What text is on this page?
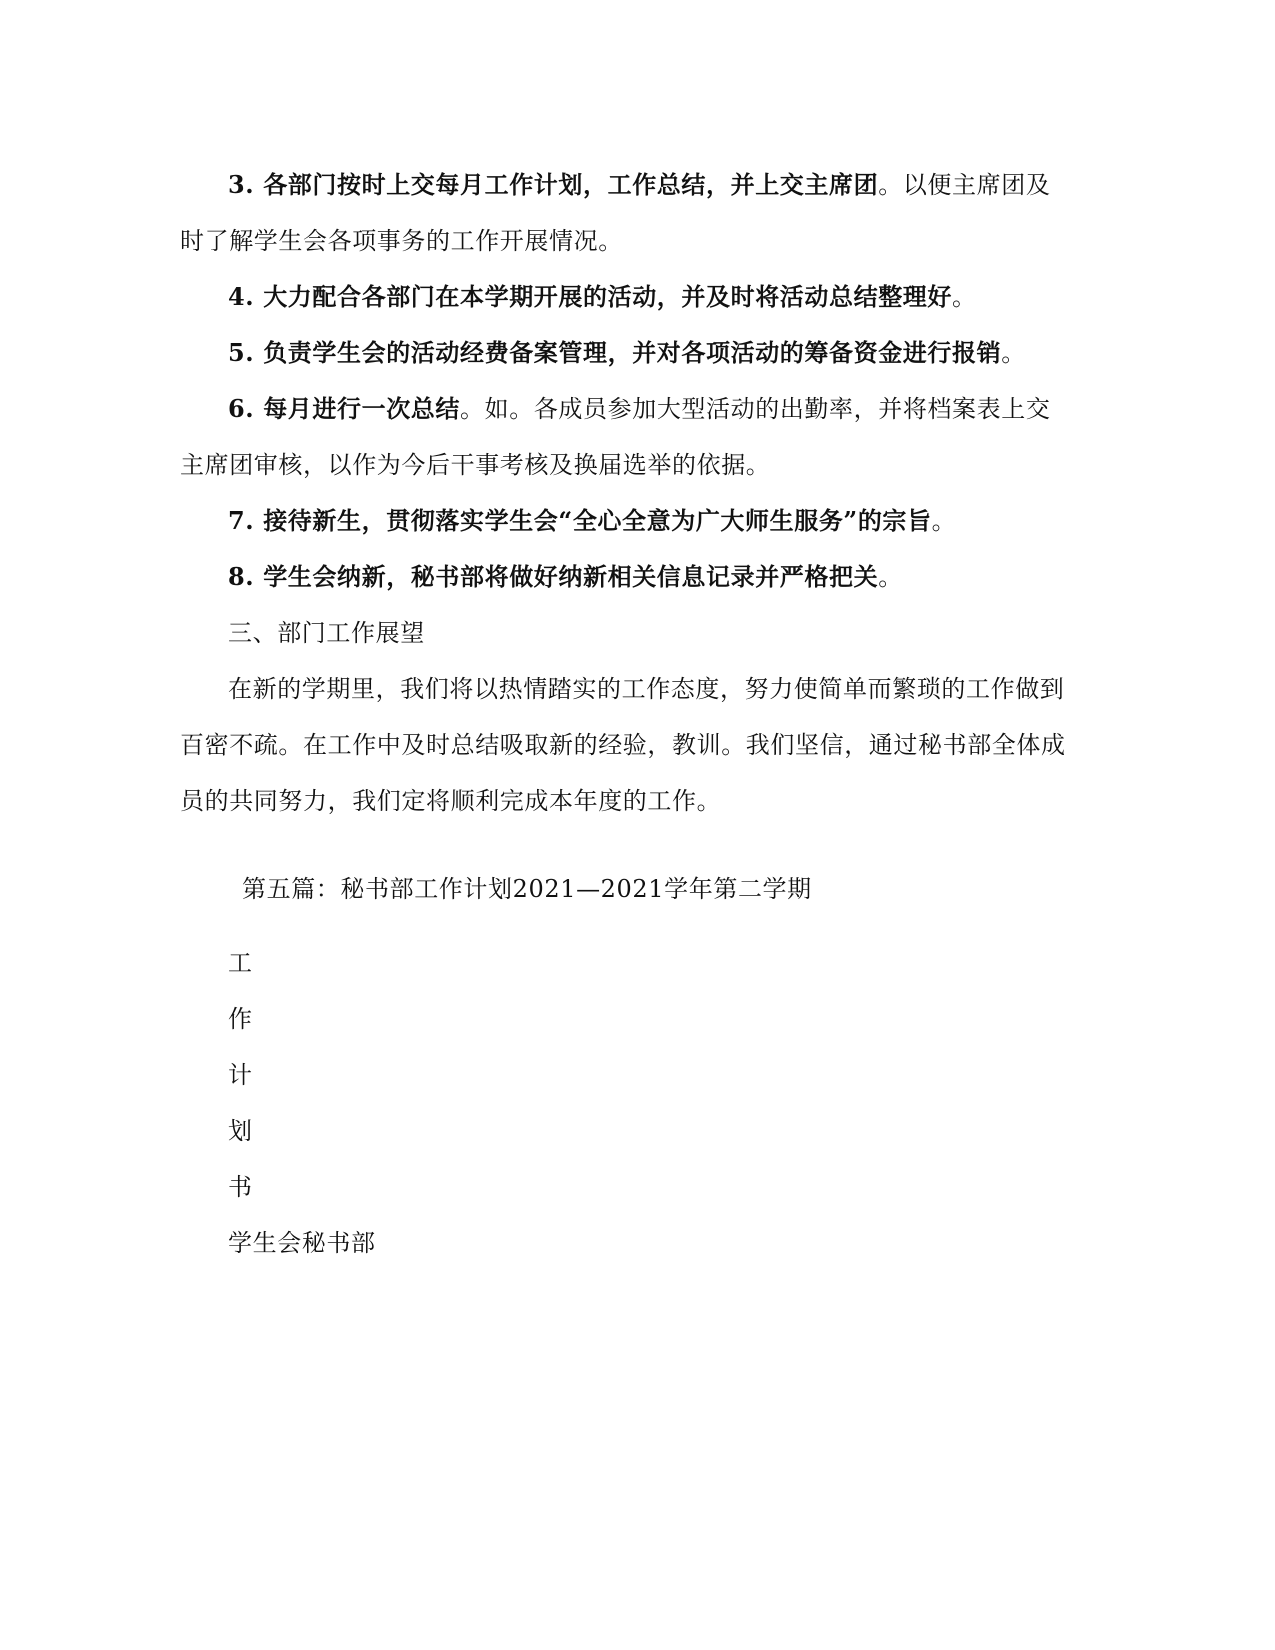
3. 各部门按时上交每月工作计划，工作总结，并上交主席团。以便主席团及
时了解学生会各项事务的工作开展情况。
4. 大力配合各部门在本学期开展的活动，并及时将活动总结整理好。
5. 负责学生会的活动经费备案管理，并对各项活动的筹备资金进行报销。
6. 每月进行一次总结。如。各成员参加大型活动的出勤率，并将档案表上交
主席团审核，以作为今后干事考核及换届选举的依据。
7. 接待新生，贯彻落实学生会“全心全意为广大师生服务”的宗旨。
8. 学生会纳新，秘书部将做好纳新相关信息记录并严格把关。
三、部门工作展望
在新的学期里，我们将以热情踏实的工作态度，努力使简单而繁琐的工作做到
百密不疏。在工作中及时总结吸取新的经验，教训。我们坚信，通过秘书部全体成
员的共同努力，我们定将顺利完成本年度的工作。
第五篇：秘书部工作计划2021—2021学年第二学期
工
作
计
划
书
学生会秘书部
